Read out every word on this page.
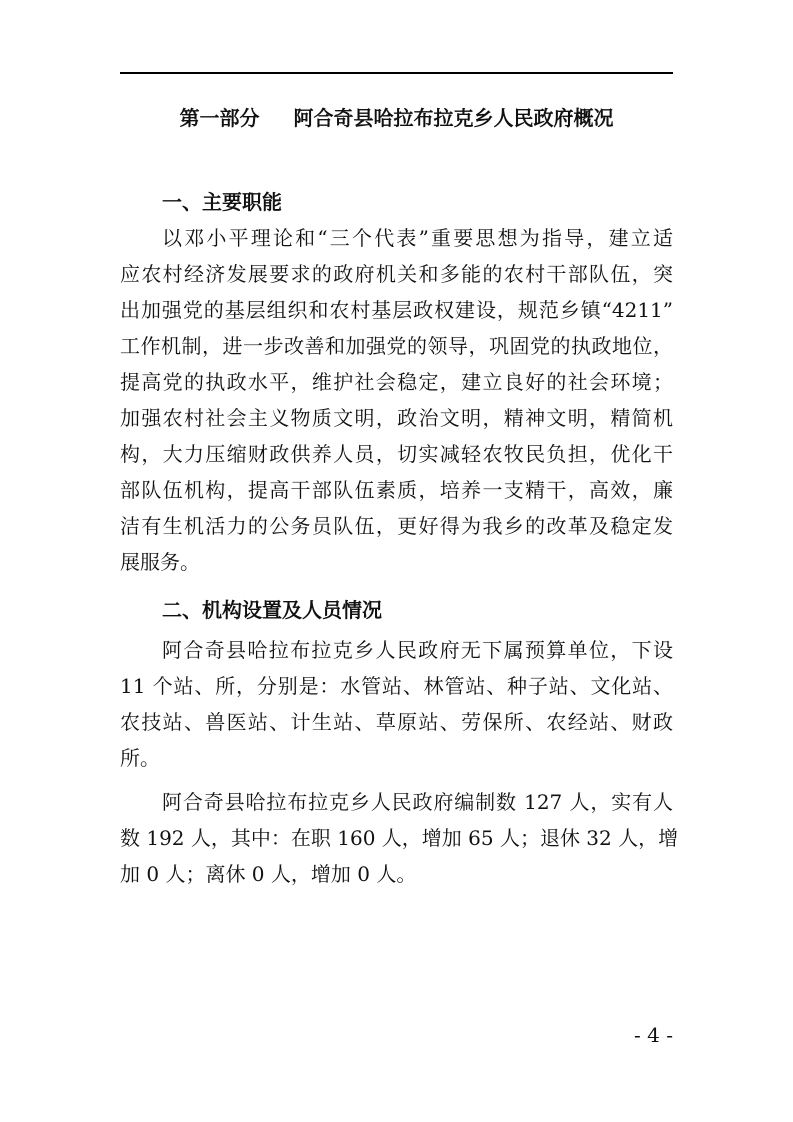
第一部分 阿合奇县哈拉布拉克乡人民政府概况
一、主要职能
以邓小平理论和“三个代表”重要思想为指导，建立适
应农村经济发展要求的政府机关和多能的农村干部队伍，突
出加强党的基层组织和农村基层政权建设，规范乡镇“4211”
工作机制，进一步改善和加强党的领导，巩固党的执政地位，
提高党的执政水平，维护社会稳定，建立良好的社会环境；
加强农村社会主义物质文明，政治文明，精神文明，精简机
构，大力压缩财政供养人员，切实减轻农牧民负担，优化干
部队伍机构，提高干部队伍素质，培养一支精干，高效，廉
洁有生机活力的公务员队伍，更好得为我乡的改革及稳定发
展服务。
二、机构设置及人员情况
阿合奇县哈拉布拉克乡人民政府无下属预算单位，下设
11 个站、所，分别是：水管站、林管站、种子站、文化站、
农技站、兽医站、计生站、草原站、劳保所、农经站、财政
所。
阿合奇县哈拉布拉克乡人民政府编制数 127 人，实有人
数 192 人，其中：在职 160 人，增加 65 人；退休 32 人，增
加 0 人；离休 0 人，增加 0 人。
- 4 -
